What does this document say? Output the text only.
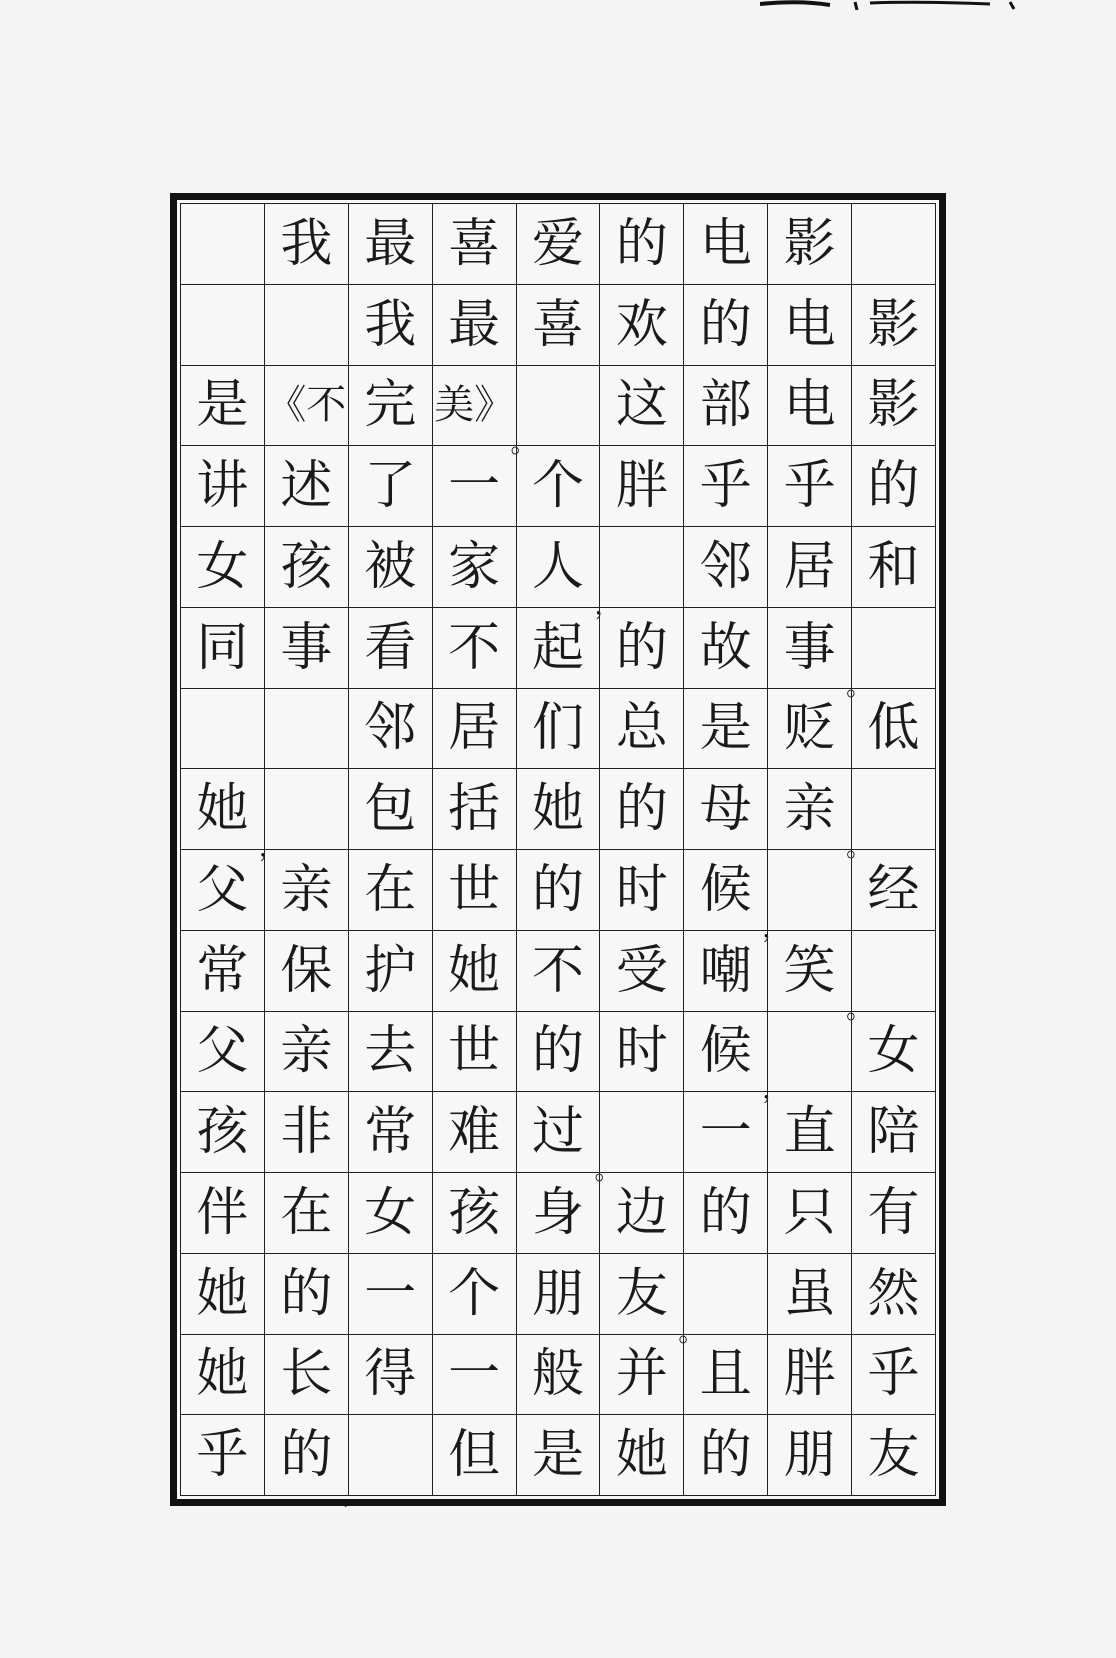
我 最 喜 爱 的 电 影
我 最 喜 欢 的 电 影
是 《不 完 美》
。
这 部 电 影
讲 述 了 一 个 胖 乎 乎 的
女 孩 被 家 人
，
邻 居 和
同 事 看 不 起 的 故 事
。
邻 居 们 总 是 贬 低
她
，
包 括 她 的 母 亲
。
父 亲 在 世 的 时 候
，
经
常 保 护 她 不 受 嘲 笑
。
父 亲 去 世 的 时 候
，
女
孩 非 常 难 过
。
一 直 陪
伴 在 女 孩 身 边 的 只 有
她 的 一 个 朋 友
。
虽 然
她 长 得 一 般 并 且 胖 乎
乎 的
，
但 是 她 的 朋 友
